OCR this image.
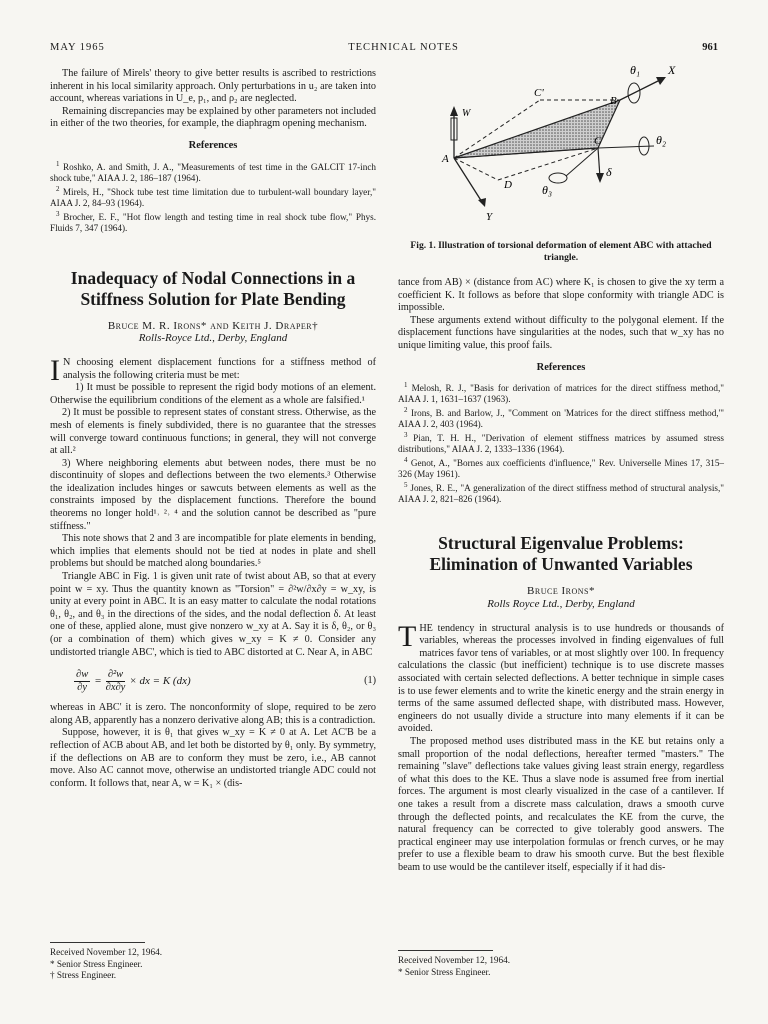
MAY 1965	TECHNICAL NOTES	961

The failure of Mirels' theory to give better results is ascribed to restrictions inherent in his local similarity approach. Only perturbations in u₂ are taken into account, whereas variations in U_e, p₁, and ρ₂ are neglected.

Remaining discrepancies may be explained by other parameters not included in either of the two theories, for example, the diaphragm opening mechanism.

References

$^1$ Roshko, A. and Smith, J. A., "Measurements of test time in the GALCIT 17-inch shock tube," AIAA J. 2, 186–187 (1964).

$^2$ Mirels, H., "Shock tube test time limitation due to turbulent-wall boundary layer," AIAA J. 2, 84–93 (1964).

$^3$ Brocher, E. F., "Hot flow length and testing time in real shock tube flow," Phys. Fluids 7, 347 (1964).

Inadequacy of Nodal Connections in a Stiffness Solution for Plate Bending
Bruce M. R. Irons* and Keith J. Draper†
Rolls-Royce Ltd., Derby, England

I N choosing element displacement functions for a stiffness method of analysis the following criteria must be met:

1) It must be possible to represent the rigid body motions of an element. Otherwise the equilibrium conditions of the element as a whole are falsified.¹

2) It must be possible to represent states of constant stress. Otherwise, as the mesh of elements is finely subdivided, there is no guarantee that the stresses will converge toward continuous functions; in general, they will not converge at all.²

3) Where neighboring elements abut between nodes, there must be no discontinuity of slopes and deflections between the two elements.³ Otherwise the idealization includes hinges or sawcuts between elements as well as the constraints imposed by the displacement functions. Therefore the bound theorems no longer hold¹˒ ²˒ ⁴ and the solution cannot be described as "pure stiffness."

This note shows that 2 and 3 are incompatible for plate elements in bending, which implies that elements should not be tied at nodes in plate and shell problems but should be matched along boundaries.⁵

Triangle ABC in Fig. 1 is given unit rate of twist about AB, so that at every point w = xy. Thus the quantity known as "Torsion" = ∂²w/∂x∂y = w_xy, is unity at every point in ABC. It is an easy matter to calculate the nodal rotations θ₁, θ₂, and θ₃ in the directions of the sides, and the nodal deflection δ. At least one of these, applied alone, must give nonzero w_xy at A. Say it is δ, θ₂, or θ₃ (or a combination of them) which gives w_xy = K ≠ 0. Consider any undistorted triangle ABC', which is tied to ABC distorted at C. Near A, in ABC

$\frac{\partial w}{\partial y} = \frac{\text{∂²w}}{\partial x\partial y}$ × dx = K (dx)	(1)

whereas in ABC' it is zero. The nonconformity of slope, required to be zero along AB, apparently has a nonzero derivative along AB; this is a contradiction.

Suppose, however, it is θ₁ that gives w_xy = K ≠ 0 at A. Let AC'B be a reflection of ACB about AB, and let both be distorted by θ₁ only. By symmetry, if the deflections on AB are to conform they must be zero, i.e., AB cannot move. Also AC cannot move, otherwise an undistorted triangle ADC could not conform. It follows that, near A, w = K₁ × (dis-

Received November 12, 1964.
* Senior Stress Engineer.
† Stress Engineer.
C'
W
B
θ₁ X
A
C	θ₂
D
δ
θ₃
Y
Fig. 1. Illustration of torsional deformation of element ABC with attached triangle.

tance from AB) × (distance from AC) where K₁ is chosen to give the xy term a coefficient K. It follows as before that slope conformity with triangle ADC is impossible.

These arguments extend without difficulty to the polygonal element. If the displacement functions have singularities at the nodes, such that w_xy has no unique limiting value, this proof fails.

References

$^1$ Melosh, R. J., "Basis for derivation of matrices for the direct stiffness method," AIAA J. 1, 1631–1637 (1963).

$^2$ Irons, B. and Barlow, J., "Comment on 'Matrices for the direct stiffness method,'" AIAA J. 2, 403 (1964).

$^3$ Pian, T. H. H., "Derivation of element stiffness matrices by assumed stress distributions," AIAA J. 2, 1333–1336 (1964).

$^4$ Genot, A., "Bornes aux coefficients d'influence," Rev. Universelle Mines 17, 315–326 (May 1961).

$^5$ Jones, R. E., "A generalization of the direct stiffness method of structural analysis," AIAA J. 2, 821–826 (1964).

Structural Eigenvalue Problems: Elimination of Unwanted Variables
Bruce Irons*
Rolls Royce Ltd., Derby, England

THE tendency in structural analysis is to use hundreds or thousands of variables, whereas the processes involved in finding eigenvalues of full matrices favor tens of variables, or at most slightly over 100. In frequency calculations the classic (but inefficient) technique is to use discrete masses associated with certain selected deflections. A better technique in simple cases is to use fewer elements and to write the kinetic energy and the strain energy in terms of the same assumed deflected shape, with distributed mass. However, engineers do not usually divide a structure into many elements if it can be avoided.

The proposed method uses distributed mass in the KE but retains only a small proportion of the nodal deflections, hereafter termed "masters." The remaining "slave" deflections take values giving least strain energy, regardless of what this does to the KE. Thus a slave node is assumed free from inertial forces. The argument is most clearly visualized in the case of a cantilever. If one takes a result from a discrete mass calculation, draws a smooth curve through the deflected points, and recalculates the KE from the curve, the natural frequency can be corrected to give tolerably good answers. The practical engineer may use interpolation formulas or french curves, or he may prefer to use a flexible beam to draw his smooth curve. But the best flexible beam to use would be the cantilever itself, especially if it had dis-

Received November 12, 1964.
* Senior Stress Engineer.
